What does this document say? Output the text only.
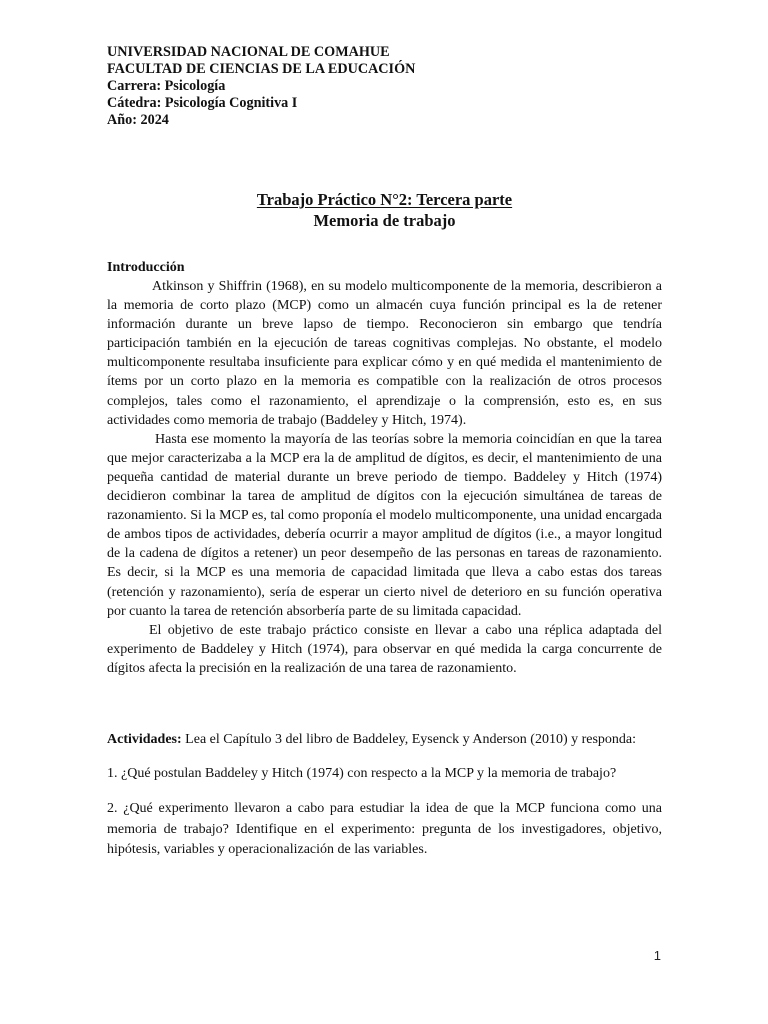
UNIVERSIDAD NACIONAL DE COMAHUE

FACULTAD DE CIENCIAS DE LA EDUCACIÓN

Carrera: Psicología

Cátedra: Psicología Cognitiva I

Año: 2024

Trabajo Práctico N°2: Tercera parte

Memoria de trabajo

Introducción

Atkinson y Shiffrin (1968), en su modelo multicomponente de la memoria, describieron a la memoria de corto plazo (MCP) como un almacén cuya función principal es la de retener información durante un breve lapso de tiempo. Reconocieron sin embargo que tendría participación también en la ejecución de tareas cognitivas complejas. No obstante, el modelo multicomponente resultaba insuficiente para explicar cómo y en qué medida el mantenimiento de ítems por un corto plazo en la memoria es compatible con la realización de otros procesos complejos, tales como el razonamiento, el aprendizaje o la comprensión, esto es, en sus actividades como memoria de trabajo (Baddeley y Hitch, 1974).

Hasta ese momento la mayoría de las teorías sobre la memoria coincidían en que la tarea que mejor caracterizaba a la MCP era la de amplitud de dígitos, es decir, el mantenimiento de una pequeña cantidad de material durante un breve periodo de tiempo. Baddeley y Hitch (1974) decidieron combinar la tarea de amplitud de dígitos con la ejecución simultánea de tareas de razonamiento. Si la MCP es, tal como proponía el modelo multicomponente, una unidad encargada de ambos tipos de actividades, debería ocurrir a mayor amplitud de dígitos (i.e., a mayor longitud de la cadena de dígitos a retener) un peor desempeño de las personas en tareas de razonamiento. Es decir, si la MCP es una memoria de capacidad limitada que lleva a cabo estas dos tareas (retención y razonamiento), sería de esperar un cierto nivel de deterioro en su función operativa por cuanto la tarea de retención absorbería parte de su limitada capacidad.

El objetivo de este trabajo práctico consiste en llevar a cabo una réplica adaptada del experimento de Baddeley y Hitch (1974), para observar en qué medida la carga concurrente de dígitos afecta la precisión en la realización de una tarea de razonamiento.

Actividades: Lea el Capítulo 3 del libro de Baddeley, Eysenck y Anderson (2010) y responda:

1. ¿Qué postulan Baddeley y Hitch (1974) con respecto a la MCP y la memoria de trabajo?

2. ¿Qué experimento llevaron a cabo para estudiar la idea de que la MCP funciona como una memoria de trabajo? Identifique en el experimento: pregunta de los investigadores, objetivo, hipótesis, variables y operacionalización de las variables.

1
